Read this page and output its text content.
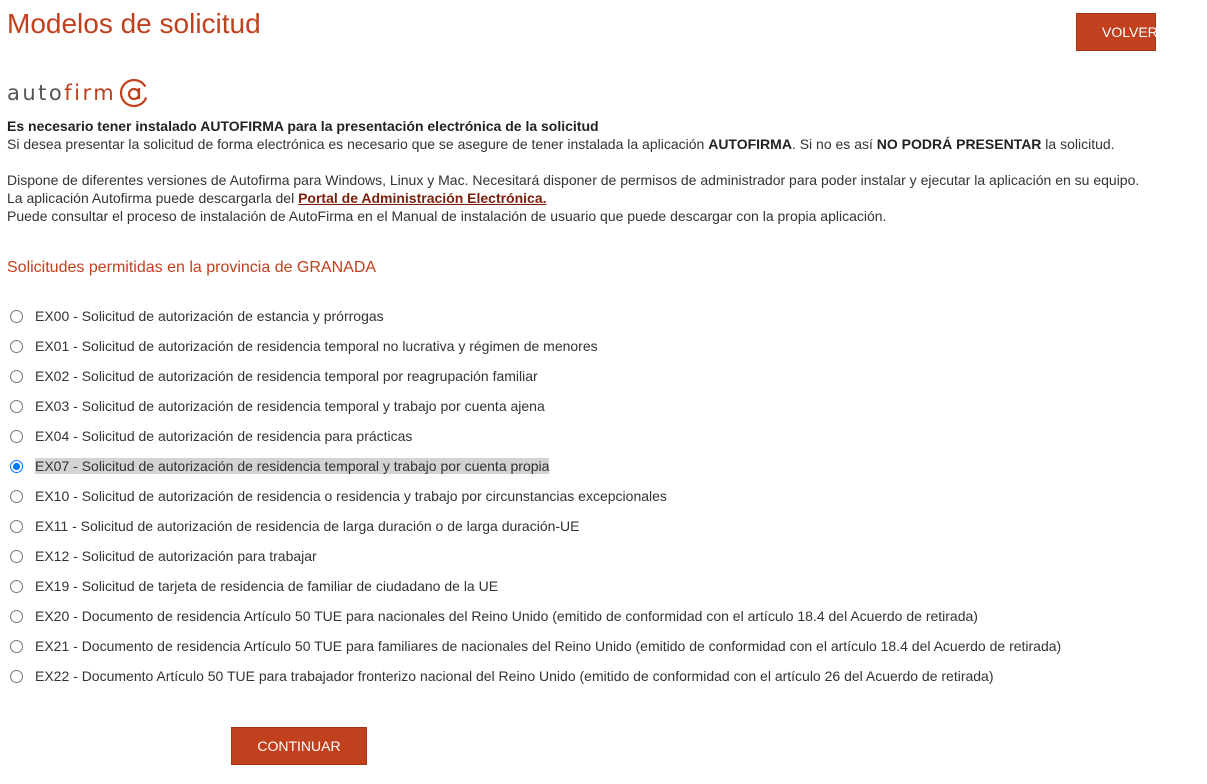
Modelos de solicitud	VOLVER
autofirm
@

Es necesario tener instalado AUTOFIRMA para la presentación electrónica de la solicitud

Si desea presentar la solicitud de forma electrónica es necesario que se asegure de tener instalada la aplicación AUTOFIRMA. Si no es así NO PODRÁ PRESENTAR la solicitud.

Dispone de diferentes versiones de Autofirma para Windows, Linux y Mac. Necesitará disponer de permisos de administrador para poder instalar y ejecutar la aplicación en su equipo.

La aplicación Autofirma puede descargarla del Portal de Administración Electrónica.

Puede consultar el proceso de instalación de AutoFirma en el Manual de instalación de usuario que puede descargar con la propia aplicación.

Solicitudes permitidas en la provincia de GRANADA
EX00 - Solicitud de autorización de estancia y prórrogas
EX01 - Solicitud de autorización de residencia temporal no lucrativa y régimen de menores
EX02 - Solicitud de autorización de residencia temporal por reagrupación familiar
EX03 - Solicitud de autorización de residencia temporal y trabajo por cuenta ajena
EX04 - Solicitud de autorización de residencia para prácticas
EX07 - Solicitud de autorización de residencia temporal y trabajo por cuenta propia
EX10 - Solicitud de autorización de residencia o residencia y trabajo por circunstancias excepcionales
EX11 - Solicitud de autorización de residencia de larga duración o de larga duración-UE
EX12 - Solicitud de autorización para trabajar
EX19 - Solicitud de tarjeta de residencia de familiar de ciudadano de la UE
EX20 - Documento de residencia Artículo 50 TUE para nacionales del Reino Unido (emitido de conformidad con el artículo 18.4 del Acuerdo de retirada)
EX21 - Documento de residencia Artículo 50 TUE para familiares de nacionales del Reino Unido (emitido de conformidad con el artículo 18.4 del Acuerdo de retirada)
EX22 - Documento Artículo 50 TUE para trabajador fronterizo nacional del Reino Unido (emitido de conformidad con el artículo 26 del Acuerdo de retirada)
CONTINUAR
